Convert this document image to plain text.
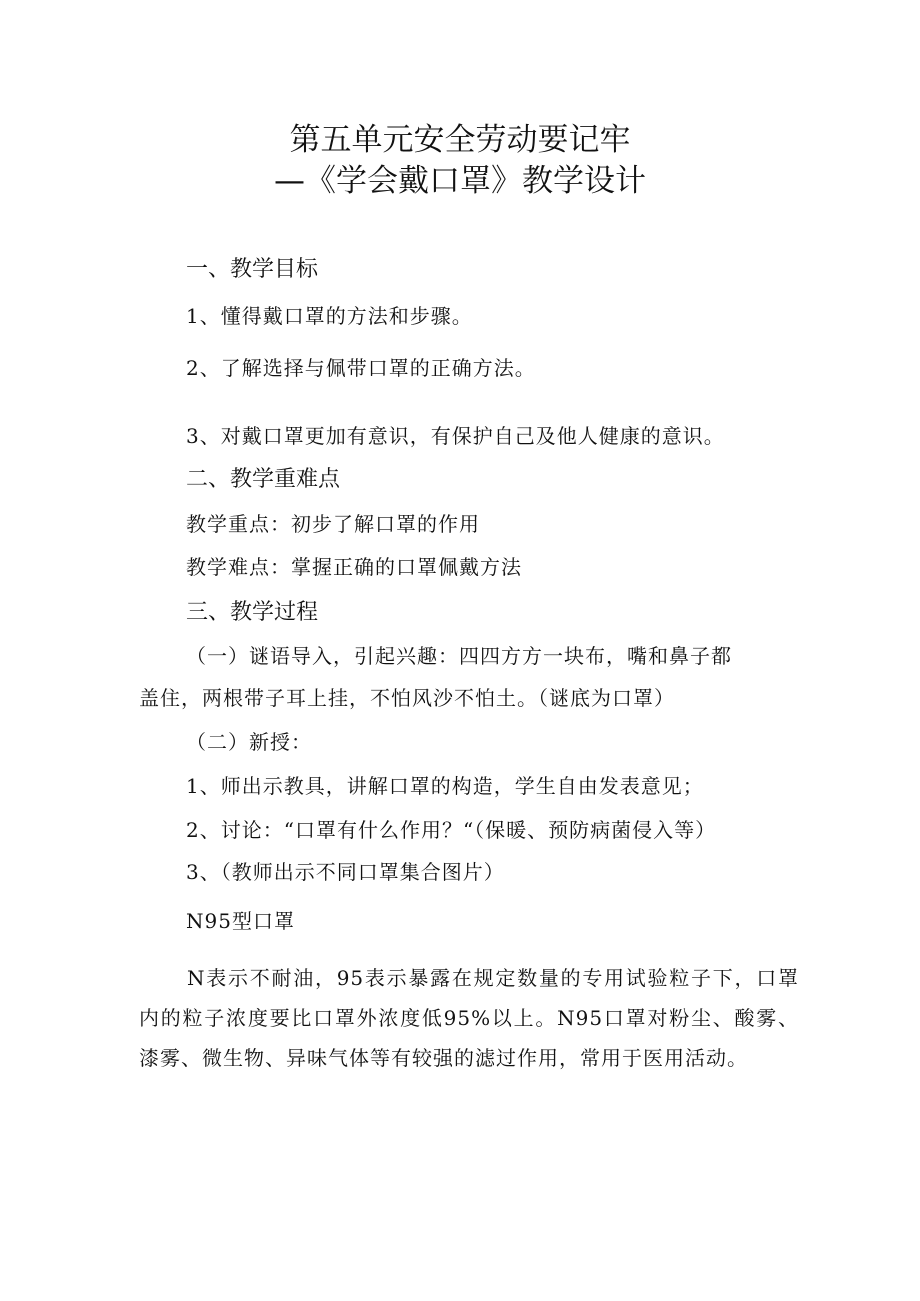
第五单元安全劳动要记牢
—《学会戴口罩》教学设计
一、教学目标
1、懂得戴口罩的方法和步骤。
2、了解选择与佩带口罩的正确方法。
3、对戴口罩更加有意识，有保护自己及他人健康的意识。
二、教学重难点
教学重点：初步了解口罩的作用
教学难点：掌握正确的口罩佩戴方法
三、教学过程
（一）谜语导入，引起兴趣：四四方方一块布，嘴和鼻子都
盖住，两根带子耳上挂，不怕风沙不怕土。（谜底为口罩）
（二）新授：
1、师出示教具，讲解口罩的构造，学生自由发表意见；
2、讨论：“口罩有什么作用？“（保暖、预防病菌侵入等）
3、（教师出示不同口罩集合图片）
N95型口罩
N表示不耐油，95表示暴露在规定数量的专用试验粒子下，口罩内的粒子浓度要比口罩外浓度低95%以上。N95口罩对粉尘、酸雾、漆雾、微生物、异味气体等有较强的滤过作用，常用于医用活动。
